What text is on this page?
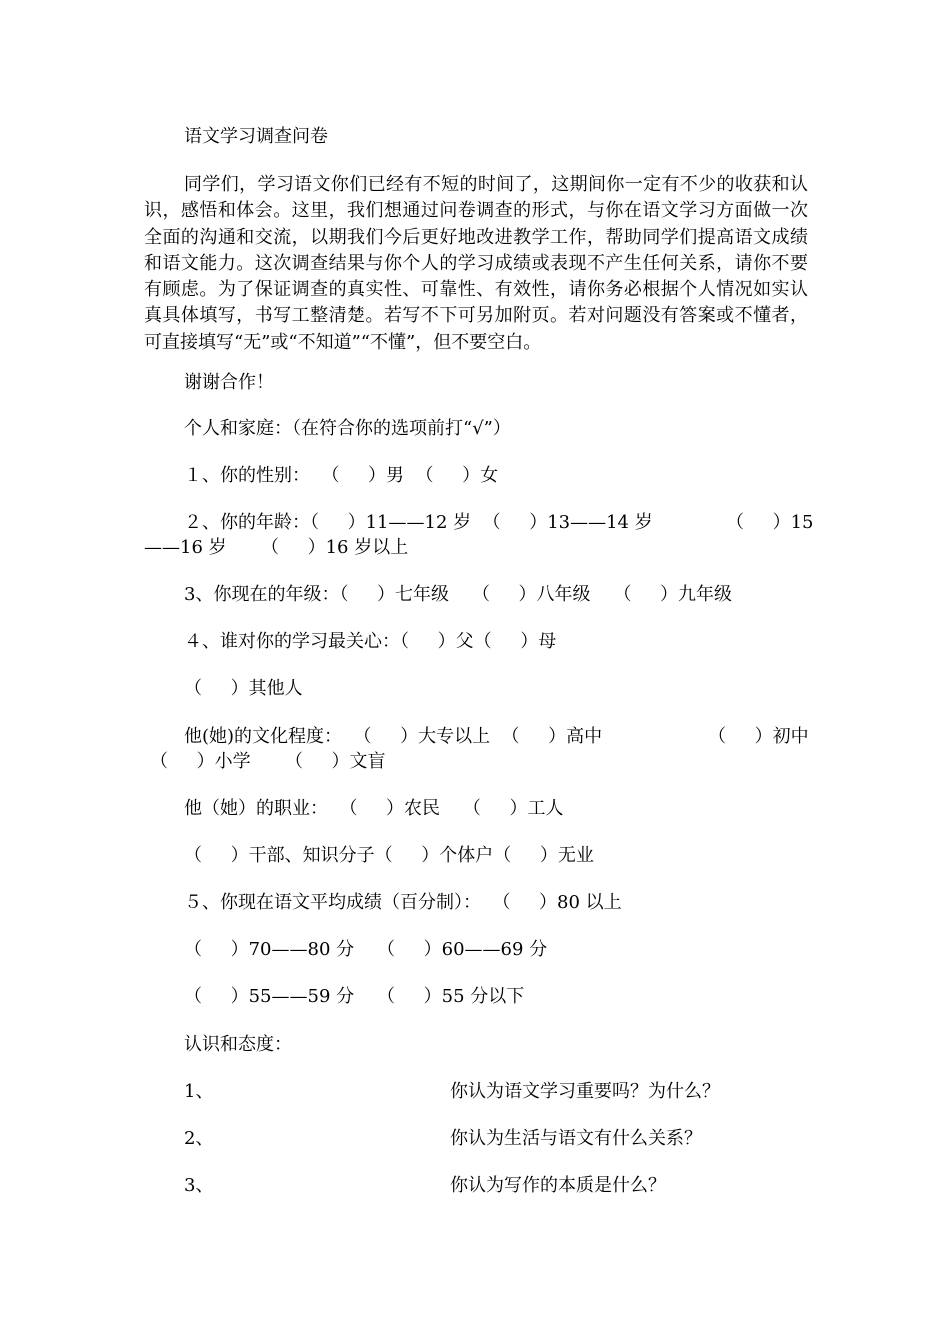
语文学习调查问卷

同学们，学习语文你们已经有不短的时间了，这期间你一定有不少的收获和认识，感悟和体会。这里，我们想通过问卷调查的形式，与你在语文学习方面做一次全面的沟通和交流，以期我们今后更好地改进教学工作，帮助同学们提高语文成绩和语文能力。这次调查结果与你个人的学习成绩或表现不产生任何关系，请你不要有顾虑。为了保证调查的真实性、可靠性、有效性，请你务必根据个人情况如实认真具体填写，书写工整清楚。若写不下可另加附页。若对问题没有答案或不懂者，可直接填写“无”或“不知道”“不懂”，但不要空白。

谢谢合作！
个人和家庭：（在符合你的选项前打“√”）
１、你的性别：  （     ）男  （     ）女
２、你的年龄：（     ）11——12 岁  （     ）13——14 岁	（     ）15
——16 岁      （     ）16 岁以上
3、你现在的年级：（     ）七年级    （     ）八年级    （     ）九年级
４、谁对你的学习最关心：（     ）父（     ）母
（     ）其他人
他(她)的文化程度：  （     ）大专以上  （     ）高中	（     ）初中
（     ）小学      （     ）文盲
他（她）的职业：  （     ）农民    （     ）工人
（     ）干部、知识分子（     ）个体户（     ）无业
５、你现在语文平均成绩（百分制）：  （     ）80 以上
（     ）70——80 分    （     ）60——69 分
（     ）55——59 分    （     ）55 分以下
认识和态度：
1、	你认为语文学习重要吗？为什么？
2、	你认为生活与语文有什么关系？
3、	你认为写作的本质是什么？
